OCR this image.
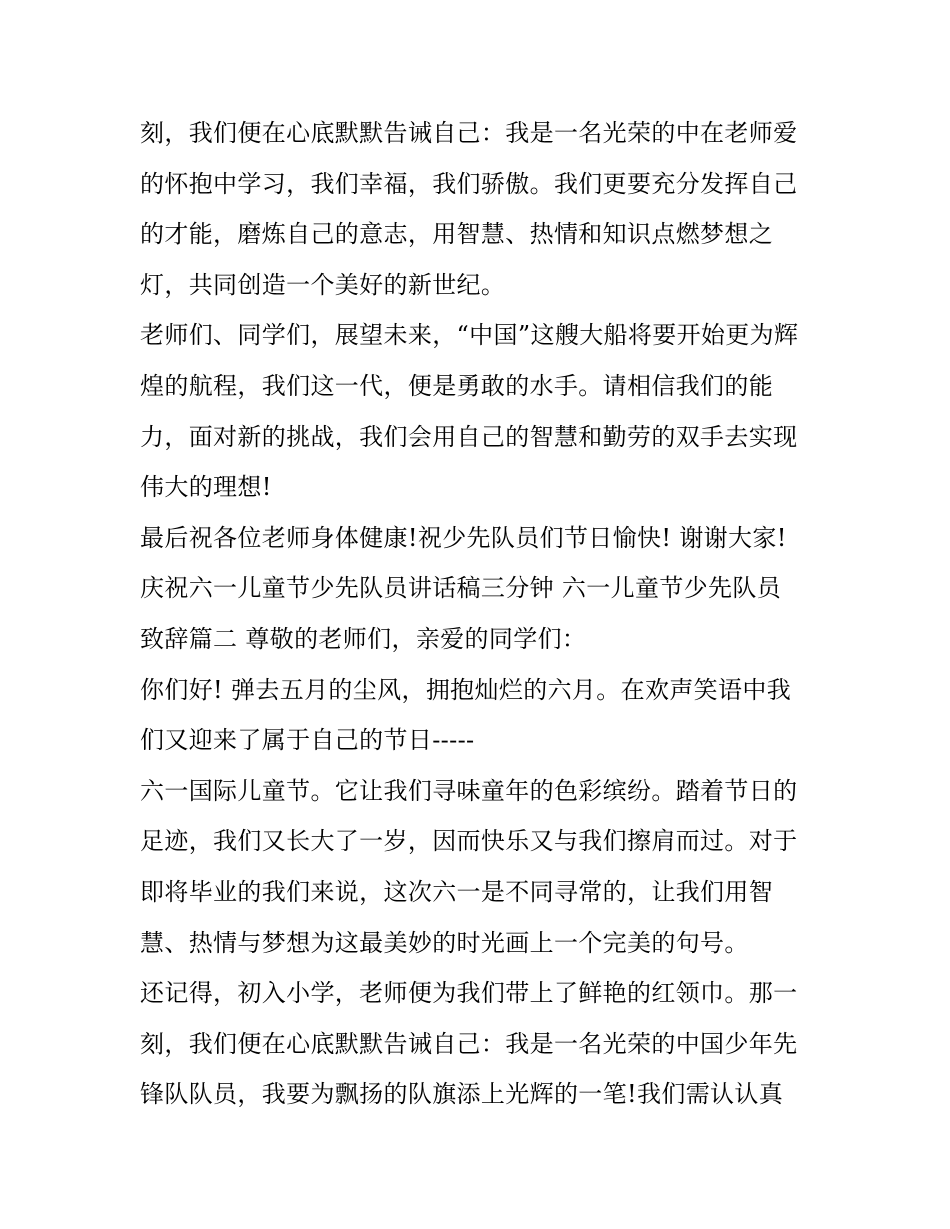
刻，我们便在心底默默告诫自己：我是一名光荣的中在老师爱
的怀抱中学习，我们幸福，我们骄傲。我们更要充分发挥自己
的才能，磨炼自己的意志，用智慧、热情和知识点燃梦想之
灯，共同创造一个美好的新世纪。
老师们、同学们，展望未来，“中国”这艘大船将要开始更为辉
煌的航程，我们这一代，便是勇敢的水手。请相信我们的能
力，面对新的挑战，我们会用自己的智慧和勤劳的双手去实现
伟大的理想!
最后祝各位老师身体健康!祝少先队员们节日愉快! 谢谢大家!
庆祝六一儿童节少先队员讲话稿三分钟 六一儿童节少先队员
致辞篇二 尊敬的老师们，亲爱的同学们：
你们好! 弹去五月的尘风，拥抱灿烂的六月。在欢声笑语中我
们又迎来了属于自己的节日-----
六一国际儿童节。它让我们寻味童年的色彩缤纷。踏着节日的
足迹，我们又长大了一岁，因而快乐又与我们擦肩而过。对于
即将毕业的我们来说，这次六一是不同寻常的，让我们用智
慧、热情与梦想为这最美妙的时光画上一个完美的句号。
还记得，初入小学，老师便为我们带上了鲜艳的红领巾。那一
刻，我们便在心底默默告诫自己：我是一名光荣的中国少年先
锋队队员，我要为飘扬的队旗添上光辉的一笔!我们需认认真
